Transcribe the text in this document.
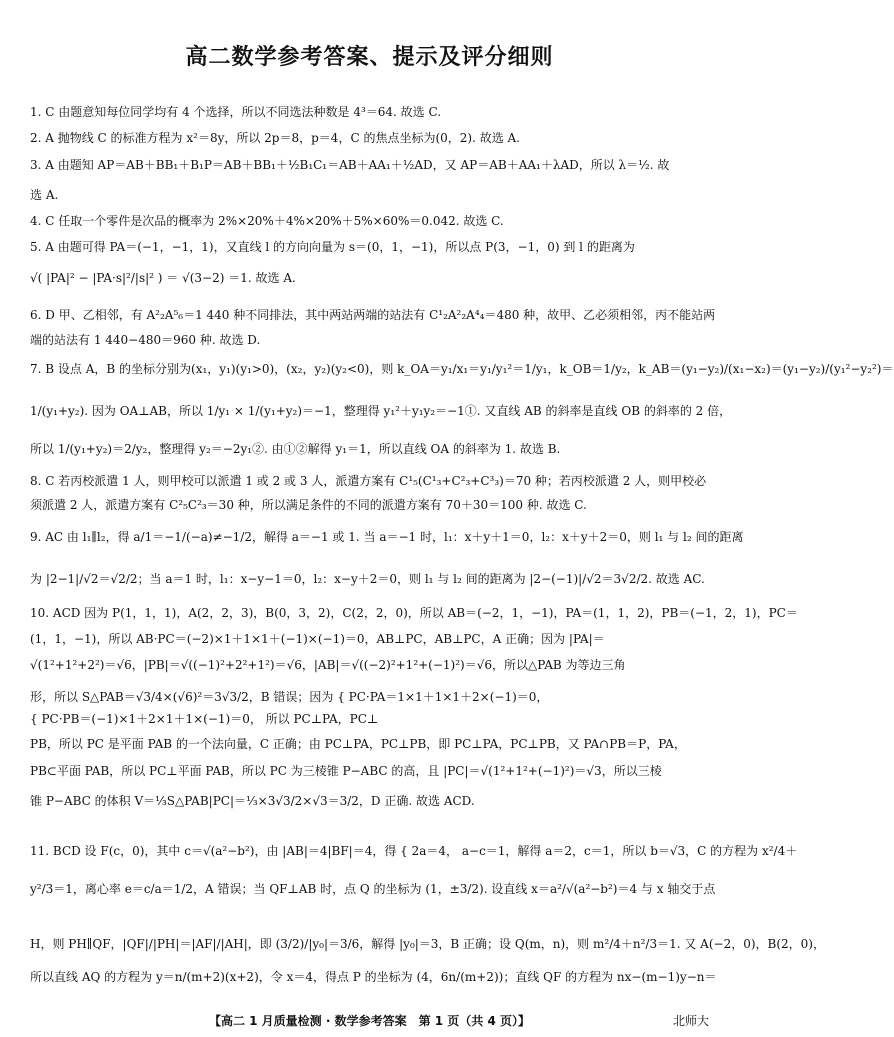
高二数学参考答案、提示及评分细则
1. C 由题意知每位同学均有 4 个选择，所以不同选法种数是 4³＝64. 故选 C.
2. A 抛物线 C 的标准方程为 x²＝8y，所以 2p＝8，p＝4，C 的焦点坐标为(0，2). 故选 A.
3. A 由题知 AP＝AB＋BB₁＋B₁P＝AB＋BB₁＋½B₁C₁＝AB＋AA₁＋½AD，又 AP＝AB＋AA₁＋λAD，所以 λ＝½. 故
选 A.
4. C 任取一个零件是次品的概率为 2%×20%＋4%×20%＋5%×60%＝0.042. 故选 C.
5. A 由题可得 PA＝(−1，−1，1)，又直线 l 的方向向量为 s＝(0，1，−1)，所以点 P(3，−1，0) 到 l 的距离为
√( |PA|² − |PA·s|²/|s|² ) ＝ √(3−2) ＝1. 故选 A.
6. D 甲、乙相邻，有 A²₂A⁵₆＝1 440 种不同排法，其中两站两端的站法有 C¹₂A²₂A⁴₄＝480 种，故甲、乙必须相邻，丙不能站两
端的站法有 1 440−480＝960 种. 故选 D.
7. B 设点 A，B 的坐标分别为(x₁，y₁)(y₁>0)，(x₂，y₂)(y₂<0)，则 k_OA＝y₁/x₁＝y₁/y₁²＝1/y₁，k_OB＝1/y₂，k_AB＝(y₁−y₂)/(x₁−x₂)＝(y₁−y₂)/(y₁²−y₂²)＝
1/(y₁+y₂). 因为 OA⊥AB，所以 1/y₁ × 1/(y₁+y₂)＝−1，整理得 y₁²＋y₁y₂＝−1①. 又直线 AB 的斜率是直线 OB 的斜率的 2 倍，
所以 1/(y₁+y₂)＝2/y₂，整理得 y₂＝−2y₁②. 由①②解得 y₁＝1，所以直线 OA 的斜率为 1. 故选 B.
8. C 若丙校派遣 1 人，则甲校可以派遣 1 或 2 或 3 人，派遣方案有 C¹₅(C¹₃+C²₃+C³₃)＝70 种；若丙校派遣 2 人，则甲校必
须派遣 2 人，派遣方案有 C²₅C²₃＝30 种，所以满足条件的不同的派遣方案有 70＋30＝100 种. 故选 C.
9. AC 由 l₁∥l₂，得 a/1＝−1/(−a)≠−1/2，解得 a＝−1 或 1. 当 a＝−1 时，l₁：x＋y＋1＝0，l₂：x＋y＋2＝0，则 l₁ 与 l₂ 间的距离
为 |2−1|/√2＝√2/2；当 a＝1 时，l₁：x−y−1＝0，l₂：x−y＋2＝0，则 l₁ 与 l₂ 间的距离为 |2−(−1)|/√2＝3√2/2. 故选 AC.
10. ACD 因为 P(1，1，1)，A(2，2，3)，B(0，3，2)，C(2，2，0)，所以 AB＝(−2，1，−1)，PA＝(1，1，2)，PB＝(−1，2，1)，PC＝
(1，1，−1)，所以 AB·PC＝(−2)×1＋1×1＋(−1)×(−1)＝0，AB⊥PC，AB⊥PC，A 正确；因为 |PA|＝
√(1²+1²+2²)＝√6，|PB|＝√((−1)²+2²+1²)＝√6，|AB|＝√((−2)²+1²+(−1)²)＝√6，所以△PAB 为等边三角
形，所以 S△PAB＝√3/4×(√6)²＝3√3/2，B 错误；因为 { PC·PA＝1×1＋1×1＋2×(−1)＝0，
{ PC·PB＝(−1)×1＋2×1＋1×(−1)＝0， 所以 PC⊥PA，PC⊥
PB，所以 PC 是平面 PAB 的一个法向量，C 正确；由 PC⊥PA，PC⊥PB，即 PC⊥PA，PC⊥PB，又 PA∩PB＝P，PA，
PB⊂平面 PAB，所以 PC⊥平面 PAB，所以 PC 为三棱锥 P−ABC 的高，且 |PC|＝√(1²+1²+(−1)²)＝√3，所以三棱
锥 P−ABC 的体积 V＝⅓S△PAB|PC|＝⅓×3√3/2×√3＝3/2，D 正确. 故选 ACD.
11. BCD 设 F(c，0)，其中 c＝√(a²−b²)，由 |AB|＝4|BF|＝4，得 { 2a＝4， a−c＝1，解得 a＝2，c＝1，所以 b＝√3，C 的方程为 x²/4＋
y²/3＝1，离心率 e＝c/a＝1/2，A 错误；当 QF⊥AB 时，点 Q 的坐标为 (1，±3/2). 设直线 x＝a²/√(a²−b²)＝4 与 x 轴交于点
H，则 PH∥QF，|QF|/|PH|＝|AF|/|AH|，即 (3/2)/|y₀|＝3/6，解得 |y₀|＝3，B 正确；设 Q(m，n)，则 m²/4＋n²/3＝1. 又 A(−2，0)，B(2，0)，
所以直线 AQ 的方程为 y＝n/(m+2)(x+2)，令 x＝4，得点 P 的坐标为 (4，6n/(m+2))；直线 QF 的方程为 nx−(m−1)y−n＝
【高二 1 月质量检测 · 数学参考答案　第 1 页（共 4 页）】	北师大
